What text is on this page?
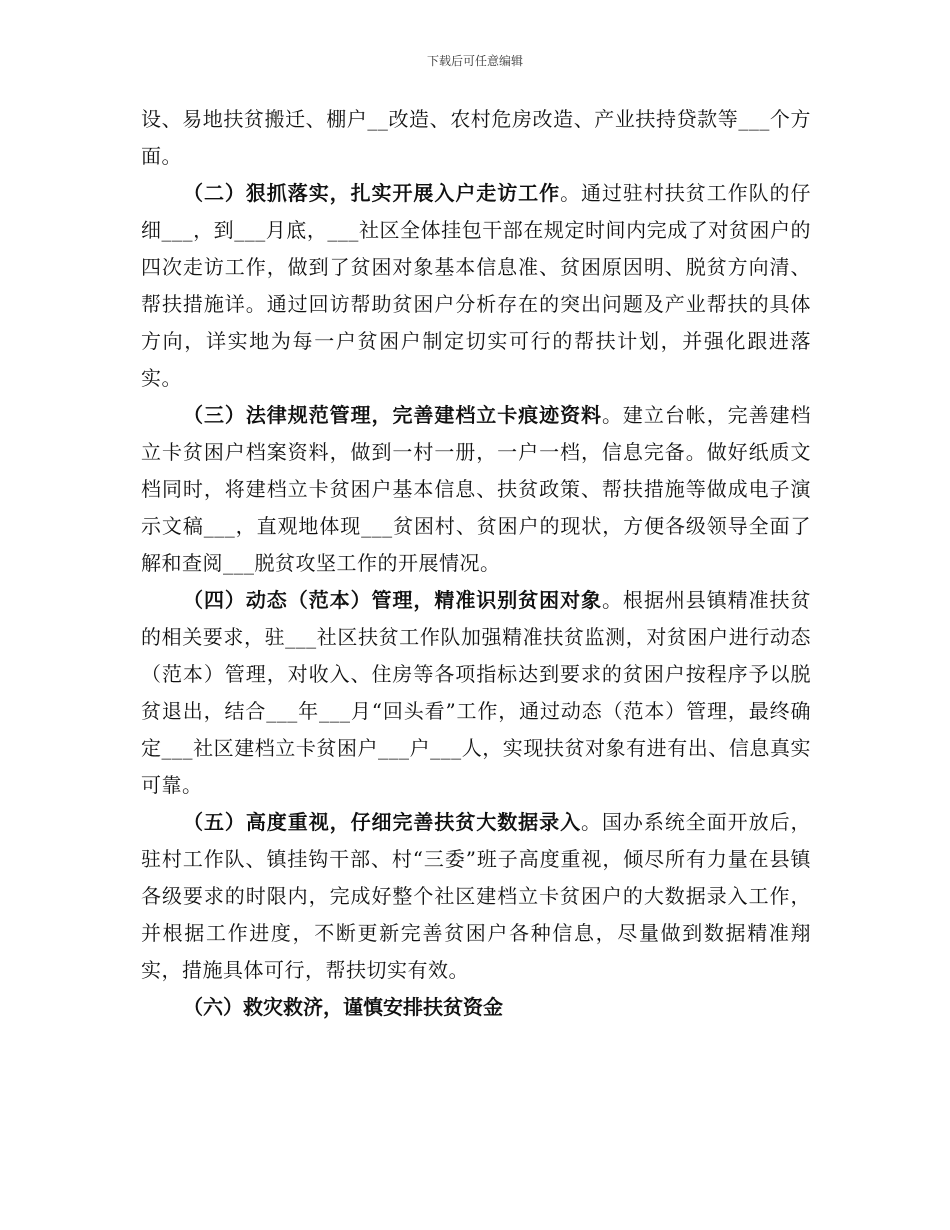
下载后可任意编辑

设、易地扶贫搬迁、棚户__改造、农村危房改造、产业扶持贷款等___个方面。

（二）狠抓落实，扎实开展入户走访工作。通过驻村扶贫工作队的仔细___，到___月底，___社区全体挂包干部在规定时间内完成了对贫困户的四次走访工作，做到了贫困对象基本信息准、贫困原因明、脱贫方向清、帮扶措施详。通过回访帮助贫困户分析存在的突出问题及产业帮扶的具体方向，详实地为每一户贫困户制定切实可行的帮扶计划，并强化跟进落实。

（三）法律规范管理，完善建档立卡痕迹资料。建立台帐，完善建档立卡贫困户档案资料，做到一村一册，一户一档，信息完备。做好纸质文档同时，将建档立卡贫困户基本信息、扶贫政策、帮扶措施等做成电子演示文稿___，直观地体现___贫困村、贫困户的现状，方便各级领导全面了解和查阅___脱贫攻坚工作的开展情况。

（四）动态（范本）管理，精准识别贫困对象。根据州县镇精准扶贫的相关要求，驻___社区扶贫工作队加强精准扶贫监测，对贫困户进行动态（范本）管理，对收入、住房等各项指标达到要求的贫困户按程序予以脱贫退出，结合___年___月“回头看”工作，通过动态（范本）管理，最终确定___社区建档立卡贫困户___户___人，实现扶贫对象有进有出、信息真实可靠。

（五）高度重视，仔细完善扶贫大数据录入。国办系统全面开放后，驻村工作队、镇挂钩干部、村“三委”班子高度重视，倾尽所有力量在县镇各级要求的时限内，完成好整个社区建档立卡贫困户的大数据录入工作，并根据工作进度，不断更新完善贫困户各种信息，尽量做到数据精准翔实，措施具体可行，帮扶切实有效。

（六）救灾救济，谨慎安排扶贫资金
